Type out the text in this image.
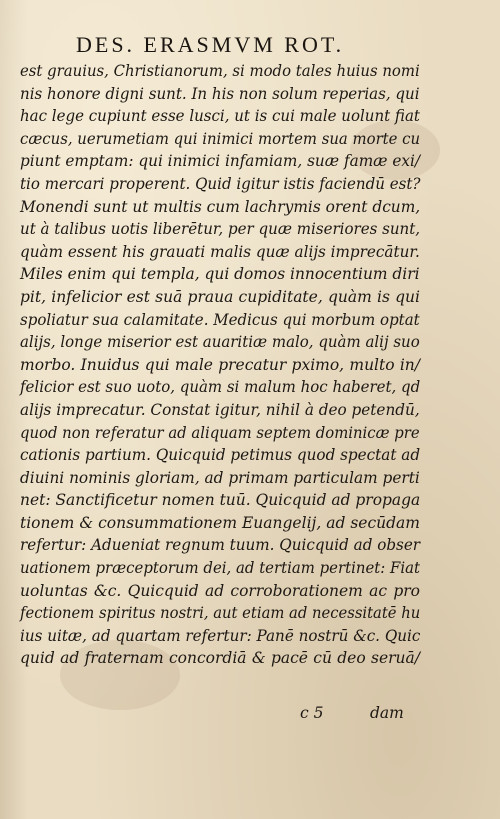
DES. ERASMVM ROT.
est grauius, Christianorum, si modo tales huius nomi
nis honore digni sunt. In his non solum reperias, qui
hac lege cupiunt esse lusci, ut is cui male uolunt fiat
cæcus, uerumetiam qui inimici mortem sua morte cu
piunt emptam: qui inimici infamiam, suæ famæ exi/
tio mercari properent. Quid igitur istis faciendū est?
Monendi sunt ut multis cum lachrymis orent dcum,
ut à talibus uotis liberētur, per quæ miseriores sunt,
quàm essent his grauati malis quæ alijs imprecātur.
Miles enim qui templa, qui domos innocentium diri
pit, infelicior est suā praua cupiditate, quàm is qui
spoliatur sua calamitate. Medicus qui morbum optat
alijs, longe miserior est auaritiæ malo, quàm alij suo
morbo. Inuidus qui male precatur pximo, multo in/
felicior est suo uoto, quàm si malum hoc haberet, qd
alijs imprecatur. Constat igitur, nihil à deo petendū,
quod non referatur ad aliquam septem dominicæ pre
cationis partium. Quicquid petimus quod spectat ad
diuini nominis gloriam, ad primam particulam perti
net: Sanctificetur nomen tuū. Quicquid ad propaga
tionem & consummationem Euangelij, ad secūdam
refertur: Adueniat regnum tuum. Quicquid ad obser
uationem præceptorum dei, ad tertiam pertinet: Fiat
uoluntas &c. Quicquid ad corroborationem ac pro
fectionem spiritus nostri, aut etiam ad necessitatē hu
ius uitæ, ad quartam refertur: Panē nostrū &c. Quic
quid ad fraternam concordiā & pacē cū deo seruā/
c 5	dam
